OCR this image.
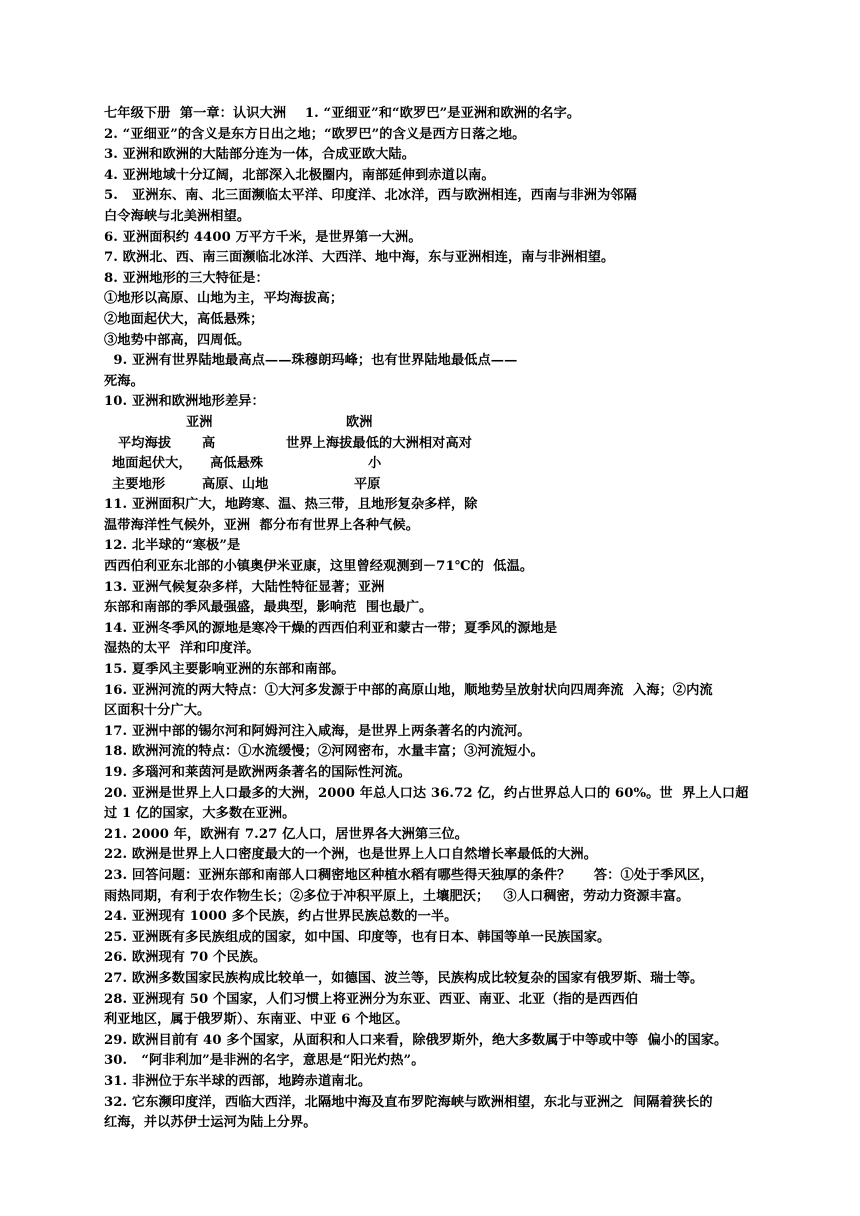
七年级下册  第一章：认识大洲    1. “亚细亚”和“欧罗巴”是亚洲和欧洲的名字。
2. “亚细亚”的含义是东方日出之地；“欧罗巴”的含义是西方日落之地。
3. 亚洲和欧洲的大陆部分连为一体，合成亚欧大陆。
4. 亚洲地域十分辽阔，北部深入北极圈内，南部延伸到赤道以南。
5.   亚洲东、南、北三面濒临太平洋、印度洋、北冰洋，西与欧洲相连，西南与非洲为邻隔
白令海峡与北美洲相望。
6. 亚洲面积约 4400 万平方千米，是世界第一大洲。
7. 欧洲北、西、南三面濒临北冰洋、大西洋、地中海，东与亚洲相连，南与非洲相望。
8. 亚洲地形的三大特征是：
①地形以高原、山地为主，平均海拔高；
②地面起伏大，高低悬殊；
③地势中部高，四周低。
9. 亚洲有世界陆地最高点——珠穆朗玛峰；也有世界陆地最低点——
死海。
10. 亚洲和欧洲地形差异：
亚洲	欧洲
平均海拔 高	世界上海拔最低的大洲相对高对
地面起伏大， 高低悬殊	小
主要地形	高原、山地	平原
11. 亚洲面积广大，地跨寒、温、热三带，且地形复杂多样，除
温带海洋性气候外，亚洲  都分布有世界上各种气候。
12. 北半球的“寒极”是
西西伯利亚东北部的小镇奥伊米亚康，这里曾经观测到－71℃的  低温。
13. 亚洲气候复杂多样，大陆性特征显著；亚洲
东部和南部的季风最强盛，最典型，影响范  围也最广。
14. 亚洲冬季风的源地是寒冷干燥的西西伯利亚和蒙古一带；夏季风的源地是
湿热的太平  洋和印度洋。
15. 夏季风主要影响亚洲的东部和南部。
16. 亚洲河流的两大特点：①大河多发源于中部的高原山地，顺地势呈放射状向四周奔流  入海；②内流
区面积十分广大。
17. 亚洲中部的锡尔河和阿姆河注入咸海，是世界上两条著名的内流河。
18. 欧洲河流的特点：①水流缓慢；②河网密布，水量丰富；③河流短小。
19. 多瑙河和莱茵河是欧洲两条著名的国际性河流。
20. 亚洲是世界上人口最多的大洲，2000 年总人口达 36.72 亿，约占世界总人口的 60%。世  界上人口超
过 1 亿的国家，大多数在亚洲。
21. 2000 年，欧洲有 7.27 亿人口，居世界各大洲第三位。
22. 欧洲是世界上人口密度最大的一个洲，也是世界上人口自然增长率最低的大洲。
23. 回答问题：亚洲东部和南部人口稠密地区种植水稻有哪些得天独厚的条件？     答：①处于季风区，
雨热同期，有利于农作物生长；②多位于冲积平原上，土壤肥沃；   ③人口稠密，劳动力资源丰富。
24. 亚洲现有 1000 多个民族，约占世界民族总数的一半。
25. 亚洲既有多民族组成的国家，如中国、印度等，也有日本、韩国等单一民族国家。
26. 欧洲现有 70 个民族。
27. 欧洲多数国家民族构成比较单一，如德国、波兰等，民族构成比较复杂的国家有俄罗斯、瑞士等。
28. 亚洲现有 50 个国家，人们习惯上将亚洲分为东亚、西亚、南亚、北亚（指的是西西伯
利亚地区，属于俄罗斯）、东南亚、中亚 6 个地区。
29. 欧洲目前有 40 多个国家，从面积和人口来看，除俄罗斯外，绝大多数属于中等或中等  偏小的国家。
30.   “阿非利加”是非洲的名字，意思是“阳光灼热”。
31. 非洲位于东半球的西部，地跨赤道南北。
32. 它东濒印度洋，西临大西洋，北隔地中海及直布罗陀海峡与欧洲相望，东北与亚洲之  间隔着狭长的
红海，并以苏伊士运河为陆上分界。
